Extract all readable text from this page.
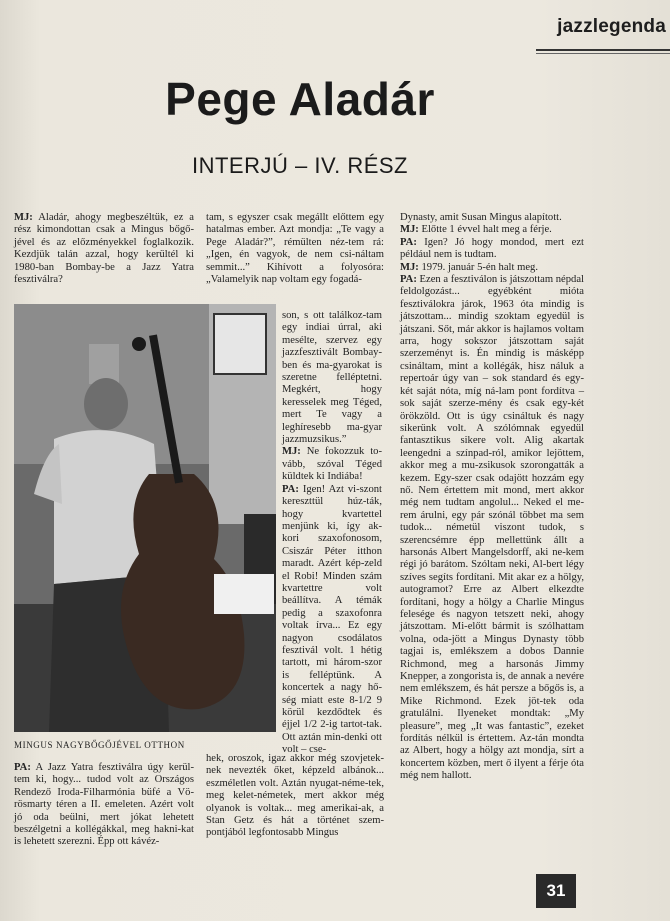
jazzlegenda
Pege Aladár
INTERJÚ – IV. RÉSZ

MJ: Aladár, ahogy megbeszéltük, ez a rész kimondottan csak a Mingus bőgő-jével és az előzményekkel foglalkozik. Kezdjük talán azzal, hogy kerültél ki 1980-ban Bombay-be a Jazz Yatra fesztiválra?

MINGUS NAGYBŐGŐJÉVEL OTTHON

PA: A Jazz Yatra fesztiválra úgy kerül-tem ki, hogy... tudod volt az Országos Rendező Iroda-Filharmónia büfé a Vö-rösmarty téren a II. emeleten. Azért volt jó oda beülni, mert jókat lehetett beszélgetni a kollégákkal, meg hakni-kat is lehetett szerezni. Épp ott kávéz-

tam, s egyszer csak megállt előttem egy hatalmas ember. Azt mondja: „Te vagy a Pege Aladár?”, rémülten néz-tem rá: „Igen, én vagyok, de nem csi-náltam semmit...” Kihívott a folyosóra: „Valamelyik nap voltam egy fogadá-

son, s ott találkoz-tam egy indiai úrral, aki mesélte, szervez egy jazzfesztivált Bombay-ben és ma-gyarokat is szeretne felléptetni. Megkért, hogy keresselek meg Téged, mert Te vagy a leghíresebb ma-gyar jazzmuzsikus.”

MJ: Ne fokozzuk to-vább, szóval Téged küldtek ki Indiába!

PA: Igen! Azt vi-szont kereszttül húz-ták, hogy kvartettel menjünk ki, így ak-kori szaxofonosom, Csiszár Péter itthon maradt. Azért kép-zeld el Robi! Minden szám kvartettre volt beállítva. A témák pedig a szaxofonra voltak írva... Ez egy nagyon csodálatos fesztivál volt. 1 hétig tartott, mi három-szor is felléptünk. A koncertek a nagy hő-ség miatt este 8-1/2 9 körül kezdődtek és éjjel 1/2 2-ig tartot-tak. Ott aztán min-denki ott volt – cse-

hek, oroszok, igaz akkor még szovjetek-nek nevezték őket, képzeld albánok... eszméletlen volt. Aztán nyugat-néme-tek, meg kelet-németek, mert akkor még olyanok is voltak... meg amerikai-ak, a Stan Getz és hát a történet szem-pontjából legfontosabb Mingus

Dynasty, amit Susan Mingus alapított.

MJ: Előtte 1 évvel halt meg a férje.

PA: Igen? Jó hogy mondod, mert ezt például nem is tudtam.

MJ: 1979. január 5-én halt meg.

PA: Ezen a fesztiválon is játszottam népdal feldolgozást... egyébként mióta fesztiválokra járok, 1963 óta mindig is játszottam... mindig szoktam egyedül is játszani. Sőt, már akkor is hajlamos voltam arra, hogy sokszor játszottam saját szerzeményt is. Én mindig is másképp csináltam, mint a kollégák, hisz náluk a repertoár úgy van – sok standard és egy-két saját nóta, míg ná-lam pont fordítva – sok saját szerze-mény és csak egy-két örökzöld. Ott is úgy csináltuk és nagy sikerünk volt. A szólómnak egyedül fantasztikus sikere volt. Alig akartak leengedni a színpad-ról, amikor lejöttem, akkor meg a mu-zsikusok szorongatták a kezem. Egy-szer csak odajött hozzám egy nő. Nem értettem mit mond, mert akkor még nem tudtam angolul... Neked el me-rem árulni, egy pár szónál többet ma sem tudok... németül viszont tudok, s szerencsémre épp mellettünk állt a harsonás Albert Mangelsdorff, aki ne-kem régi jó barátom. Szóltam neki, Al-bert légy szíves segíts fordítani. Mit akar ez a hölgy, autogramot? Erre az Albert elkezdte fordítani, hogy a hölgy a Charlie Mingus felesége és nagyon tetszett neki, ahogy játszottam. Mi-előtt bármit is szólhattam volna, oda-jött a Mingus Dynasty több tagjai is, emlékszem a dobos Dannie Richmond, meg a harsonás Jimmy Knepper, a zongorista is, de annak a nevére nem emlékszem, és hát persze a bőgős is, a Mike Richmond. Ezek jöt-tek oda gratulálni. Ilyeneket mondtak: „My pleasure”, meg „It was fantastic”, ezeket fordítás nélkül is értettem. Az-tán mondta az Albert, hogy a hölgy azt mondja, sírt a koncertem közben, mert ő ilyent a férje óta még nem hallott.

31
